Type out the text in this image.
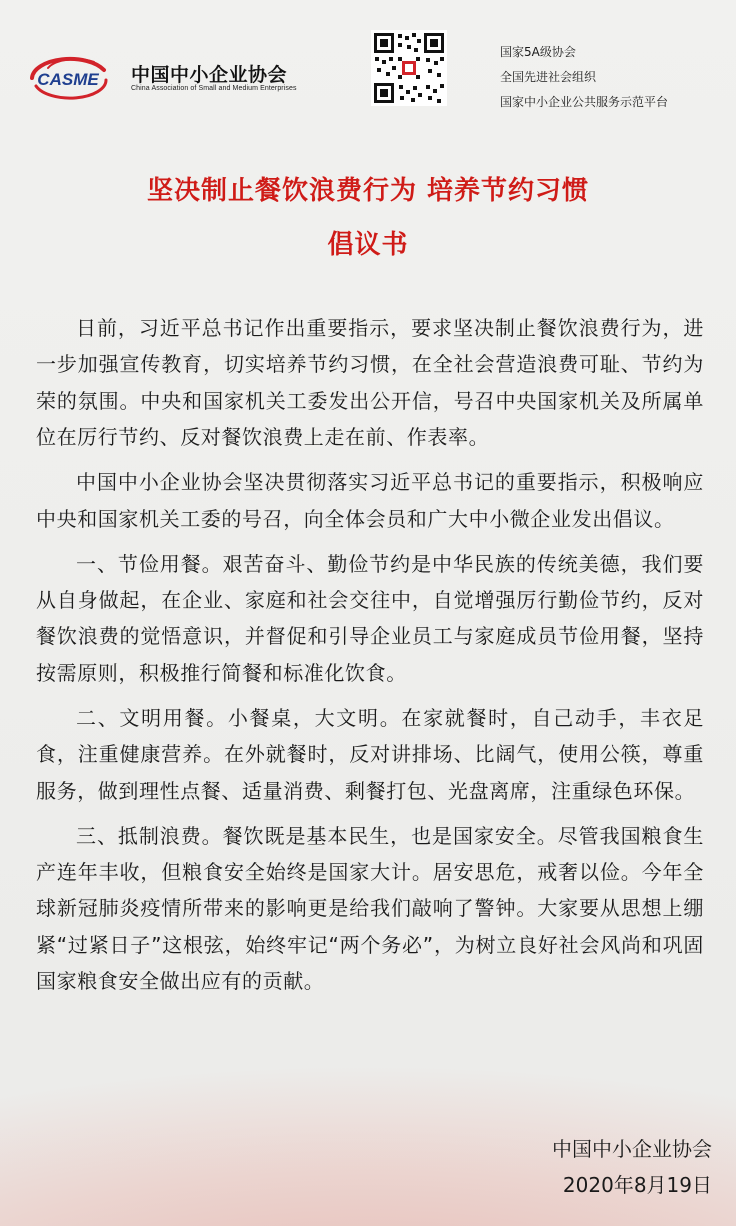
CASME 中国中小企业协会
China Association of Small and Medium Enterprises
国家5A级协会
全国先进社会组织
国家中小企业公共服务示范平台
坚决制止餐饮浪费行为 培养节约习惯
倡议书

日前，习近平总书记作出重要指示，要求坚决制止餐饮浪费行为，进一步加强宣传教育，切实培养节约习惯，在全社会营造浪费可耻、节约为荣的氛围。中央和国家机关工委发出公开信，号召中央国家机关及所属单位在厉行节约、反对餐饮浪费上走在前、作表率。

中国中小企业协会坚决贯彻落实习近平总书记的重要指示，积极响应中央和国家机关工委的号召，向全体会员和广大中小微企业发出倡议。

一、节俭用餐。艰苦奋斗、勤俭节约是中华民族的传统美德，我们要从自身做起，在企业、家庭和社会交往中，自觉增强厉行勤俭节约，反对餐饮浪费的觉悟意识，并督促和引导企业员工与家庭成员节俭用餐，坚持按需原则，积极推行简餐和标准化饮食。

二、文明用餐。小餐桌，大文明。在家就餐时，自己动手，丰衣足食，注重健康营养。在外就餐时，反对讲排场、比阔气，使用公筷，尊重服务，做到理性点餐、适量消费、剩餐打包、光盘离席，注重绿色环保。

三、抵制浪费。餐饮既是基本民生，也是国家安全。尽管我国粮食生产连年丰收，但粮食安全始终是国家大计。居安思危，戒奢以俭。今年全球新冠肺炎疫情所带来的影响更是给我们敲响了警钟。大家要从思想上绷紧“过紧日子”这根弦，始终牢记“两个务必”，为树立良好社会风尚和巩固国家粮食安全做出应有的贡献。

中国中小企业协会
2020年8月19日
